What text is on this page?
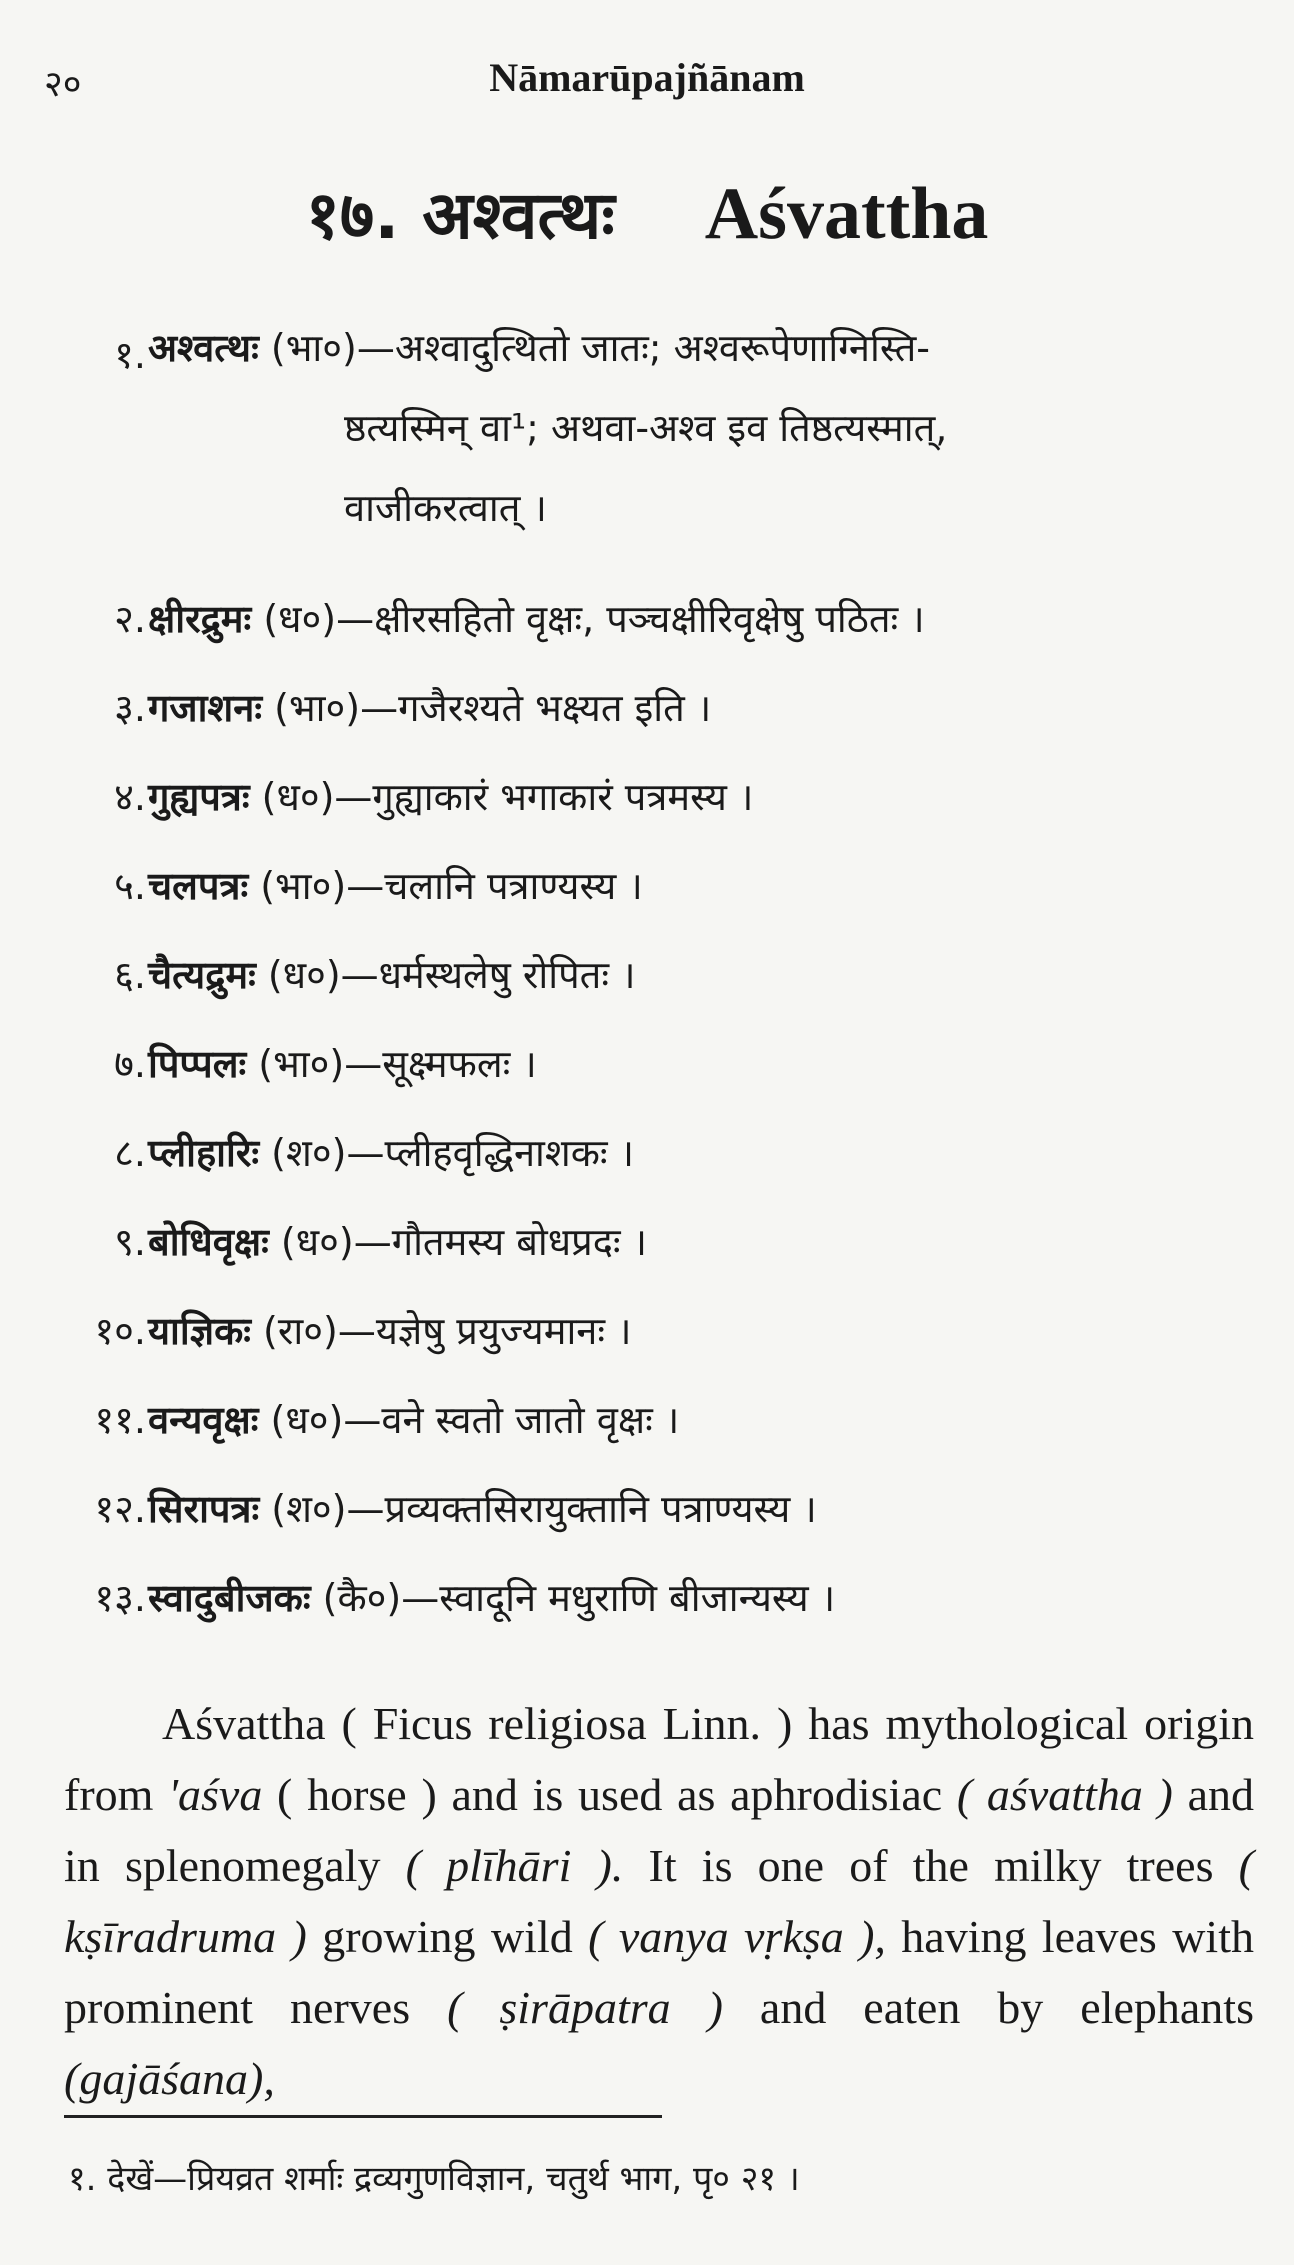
२०	Nāmarūpajñānam
१७. अश्वत्थः Aśvattha
१. अश्वत्थः (भा०)—अश्वादुत्थितो जातः; अश्वरूपेणाग्निस्ति-
ष्ठत्यस्मिन् वा¹; अथवा-अश्व इव तिष्ठत्यस्मात्,
वाजीकरत्वात् ।
२. क्षीरद्रुमः (ध०)—क्षीरसहितो वृक्षः, पञ्चक्षीरिवृक्षेषु पठितः ।
३. गजाशनः (भा०)—गजैरश्यते भक्ष्यत इति ।
४. गुह्यपत्रः (ध०)—गुह्याकारं भगाकारं पत्रमस्य ।
५. चलपत्रः (भा०)—चलानि पत्राण्यस्य ।
६. चैत्यद्रुमः (ध०)—धर्मस्थलेषु रोपितः ।
७. पिप्पलः (भा०)—सूक्ष्मफलः ।
८. प्लीहारिः (श०)—प्लीहवृद्धिनाशकः ।
९. बोधिवृक्षः (ध०)—गौतमस्य बोधप्रदः ।
१०. याज्ञिकः (रा०)—यज्ञेषु प्रयुज्यमानः ।
११. वन्यवृक्षः (ध०)—वने स्वतो जातो वृक्षः ।
१२. सिरापत्रः (श०)—प्रव्यक्तसिरायुक्तानि पत्राण्यस्य ।
१३. स्वादुबीजकः (कै०)—स्वादूनि मधुराणि बीजान्यस्य ।

Aśvattha ( Ficus religiosa Linn. ) has mythological origin from 'aśva ( horse ) and is used as aphrodisiac ( aśvattha ) and in splenomegaly ( plīhāri ). It is one of the milky trees ( kṣīradruma ) growing wild ( vanya vṛkṣa ), having leaves with prominent nerves ( ṣirāpatra ) and eaten by elephants (gajāśana),

१. देखें—प्रियव्रत शर्माः द्रव्यगुणविज्ञान, चतुर्थ भाग, पृ० २१ ।
